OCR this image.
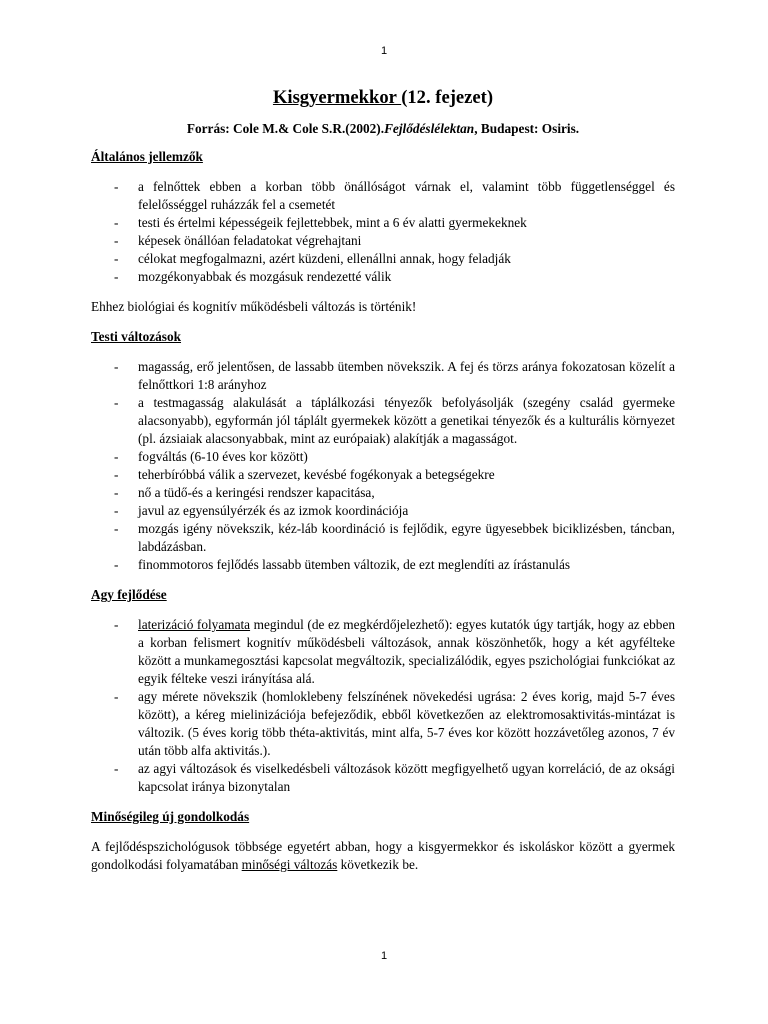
1
Kisgyermekkor (12. fejezet)
Forrás: Cole M.& Cole S.R.(2002).Fejlődéslélektan, Budapest: Osiris.
Általános jellemzők
- a felnőttek ebben a korban több önállóságot várnak el, valamint több függetlenséggel és felelősséggel ruházzák fel a csemetét
- testi és értelmi képességeik fejlettebbek, mint a 6 év alatti gyermekeknek
- képesek önállóan feladatokat végrehajtani
- célokat megfogalmazni, azért küzdeni, ellenállni annak, hogy feladják
- mozgékonyabbak és mozgásuk rendezetté válik

Ehhez biológiai és kognitív működésbeli változás is történik!

Testi változások
- magasság, erő jelentősen, de lassabb ütemben növekszik. A fej és törzs aránya fokozatosan közelít a felnőttkori 1:8 arányhoz
- a testmagasság alakulását a táplálkozási tényezők befolyásolják (szegény család gyermeke alacsonyabb), egyformán jól táplált gyermekek között a genetikai tényezők és a kulturális környezet (pl. ázsiaiak alacsonyabbak, mint az európaiak) alakítják a magasságot.
- fogváltás (6-10 éves kor között)
- teherbíróbbá válik a szervezet, kevésbé fogékonyak a betegségekre
- nő a tüdő-és a keringési rendszer kapacitása,
- javul az egyensúlyérzék és az izmok koordinációja
- mozgás igény növekszik, kéz-láb koordináció is fejlődik, egyre ügyesebbek biciklizésben, táncban, labdázásban.
- finommotoros fejlődés lassabb ütemben változik, de ezt meglendíti az írástanulás
Agy fejlődése
- laterizáció folyamata megindul (de ez megkérdőjelezhető): egyes kutatók úgy tartják, hogy az ebben a korban felismert kognitív működésbeli változások, annak köszönhetők, hogy a két agyfélteke között a munkamegosztási kapcsolat megváltozik, specializálódik, egyes pszichológiai funkciókat az egyik félteke veszi irányítása alá.
- agy mérete növekszik (homloklebeny felszínének növekedési ugrása: 2 éves korig, majd 5-7 éves között), a kéreg mielinizációja befejeződik, ebből következően az elektromosaktivitás-mintázat is változik. (5 éves korig több théta-aktivitás, mint alfa, 5-7 éves kor között hozzávetőleg azonos, 7 év után több alfa aktivitás.).
- az agyi változások és viselkedésbeli változások között megfigyelhető ugyan korreláció, de az oksági kapcsolat iránya bizonytalan
Minőségileg új gondolkodás

A fejlődéspszichológusok többsége egyetért abban, hogy a kisgyermekkor és iskoláskor között a gyermek gondolkodási folyamatában minőségi változás következik be.

1
